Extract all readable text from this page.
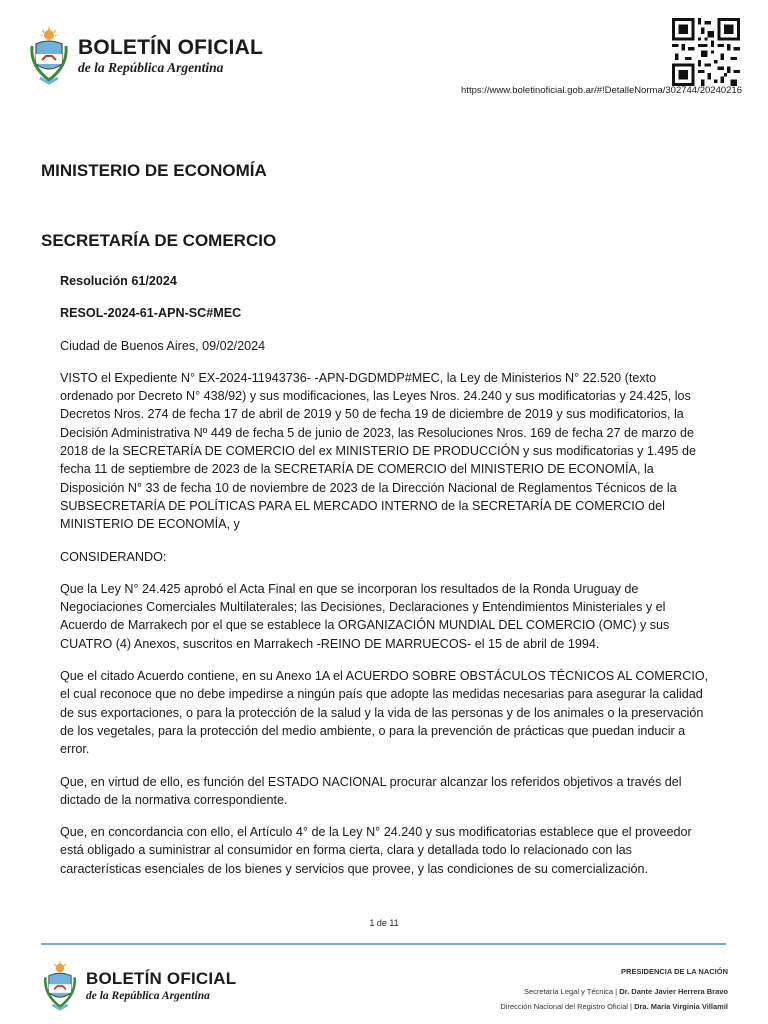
BOLETÍN OFICIAL
de la República Argentina
https://www.boletinoficial.gob.ar/#!DetalleNorma/302744/20240216
MINISTERIO DE ECONOMÍA
SECRETARÍA DE COMERCIO

Resolución 61/2024

RESOL-2024-61-APN-SC#MEC

Ciudad de Buenos Aires, 09/02/2024

VISTO el Expediente N° EX-2024-11943736- -APN-DGDMDP#MEC, la Ley de Ministerios N° 22.520 (texto ordenado por Decreto N° 438/92) y sus modificaciones, las Leyes Nros. 24.240 y sus modificatorias y 24.425, los Decretos Nros. 274 de fecha 17 de abril de 2019 y 50 de fecha 19 de diciembre de 2019 y sus modificatorios, la Decisión Administrativa Nº 449 de fecha 5 de junio de 2023, las Resoluciones Nros. 169 de fecha 27 de marzo de 2018 de la SECRETARÍA DE COMERCIO del ex MINISTERIO DE PRODUCCIÓN y sus modificatorias y 1.495 de fecha 11 de septiembre de 2023 de la SECRETARÍA DE COMERCIO del MINISTERIO DE ECONOMÍA, la Disposición N° 33 de fecha 10 de noviembre de 2023 de la Dirección Nacional de Reglamentos Técnicos de la SUBSECRETARÍA DE POLÍTICAS PARA EL MERCADO INTERNO de la SECRETARÍA DE COMERCIO del MINISTERIO DE ECONOMÍA, y

CONSIDERANDO:

Que la Ley N° 24.425 aprobó el Acta Final en que se incorporan los resultados de la Ronda Uruguay de Negociaciones Comerciales Multilaterales; las Decisiones, Declaraciones y Entendimientos Ministeriales y el Acuerdo de Marrakech por el que se establece la ORGANIZACIÓN MUNDIAL DEL COMERCIO (OMC) y sus CUATRO (4) Anexos, suscritos en Marrakech -REINO DE MARRUECOS- el 15 de abril de 1994.

Que el citado Acuerdo contiene, en su Anexo 1A el ACUERDO SOBRE OBSTÁCULOS TÉCNICOS AL COMERCIO, el cual reconoce que no debe impedirse a ningún país que adopte las medidas necesarias para asegurar la calidad de sus exportaciones, o para la protección de la salud y la vida de las personas y de los animales o la preservación de los vegetales, para la protección del medio ambiente, o para la prevención de prácticas que puedan inducir a error.

Que, en virtud de ello, es función del ESTADO NACIONAL procurar alcanzar los referidos objetivos a través del dictado de la normativa correspondiente.

Que, en concordancia con ello, el Artículo 4° de la Ley N° 24.240 y sus modificatorias establece que el proveedor está obligado a suministrar al consumidor en forma cierta, clara y detallada todo lo relacionado con las características esenciales de los bienes y servicios que provee, y las condiciones de su comercialización.

1 de 11
BOLETÍN OFICIAL
de la República Argentina
PRESIDENCIA DE LA NACIÓN
Secretaría Legal y Técnica | Dr. Dante Javier Herrera Bravo
Dirección Nacional del Registro Oficial | Dra. María Virginia Villamil
